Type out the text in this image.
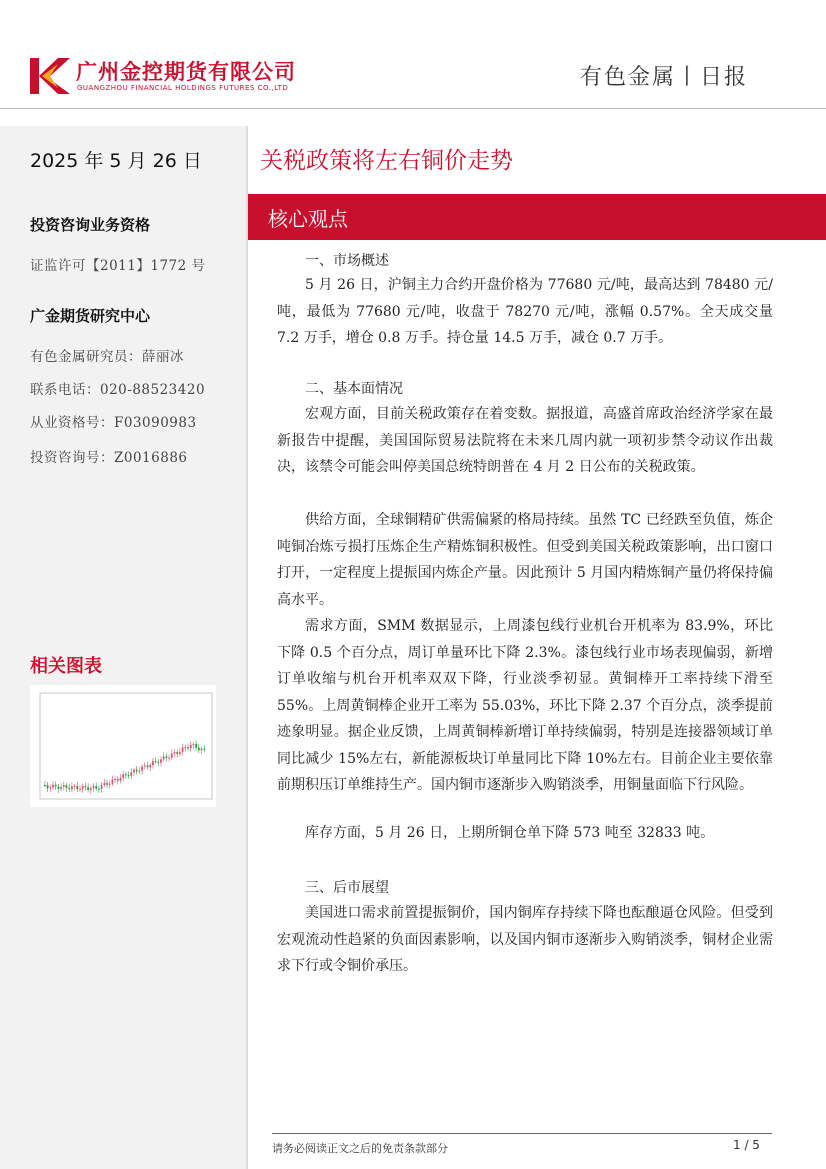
广州金控期货有限公司
GUANGZHOU FINANCIAL HOLDINGS FUTURES CO.,LTD	有色金属丨日报
2025 年 5 月 26 日
投资咨询业务资格
证监许可【2011】1772 号
广金期货研究中心
有色金属研究员：薛丽冰
联系电话：020-88523420
从业资格号：F03090983
投资咨询号：Z0016886
相关图表
关税政策将左右铜价走势
核心观点
一、市场概述
5 月 26 日，沪铜主力合约开盘价格为 77680 元/吨，最高达到 78480 元/吨，最低为 77680 元/吨，收盘于 78270 元/吨，涨幅 0.57%。全天成交量 7.2 万手，增仓 0.8 万手。持仓量 14.5 万手，减仓 0.7 万手。
二、基本面情况
宏观方面，目前关税政策存在着变数。据报道，高盛首席政治经济学家在最新报告中提醒，美国国际贸易法院将在未来几周内就一项初步禁令动议作出裁决，该禁令可能会叫停美国总统特朗普在 4 月 2 日公布的关税政策。
供给方面，全球铜精矿供需偏紧的格局持续。虽然 TC 已经跌至负值，炼企吨铜冶炼亏损打压炼企生产精炼铜积极性。但受到美国关税政策影响，出口窗口打开，一定程度上提振国内炼企产量。因此预计 5 月国内精炼铜产量仍将保持偏高水平。
需求方面，SMM 数据显示，上周漆包线行业机台开机率为 83.9%，环比下降 0.5 个百分点，周订单量环比下降 2.3%。漆包线行业市场表现偏弱，新增订单收缩与机台开机率双双下降，行业淡季初显。黄铜棒开工率持续下滑至 55%。上周黄铜棒企业开工率为 55.03%，环比下降 2.37 个百分点，淡季提前迹象明显。据企业反馈，上周黄铜棒新增订单持续偏弱，特别是连接器领域订单同比减少 15%左右，新能源板块订单量同比下降 10%左右。目前企业主要依靠前期积压订单维持生产。国内铜市逐渐步入购销淡季，用铜量面临下行风险。
库存方面，5 月 26 日，上期所铜仓单下降 573 吨至 32833 吨。
三、后市展望
美国进口需求前置提振铜价，国内铜库存持续下降也酝酿逼仓风险。但受到宏观流动性趋紧的负面因素影响，以及国内铜市逐渐步入购销淡季，铜材企业需求下行或令铜价承压。
请务必阅读正文之后的免责条款部分	1 / 5
